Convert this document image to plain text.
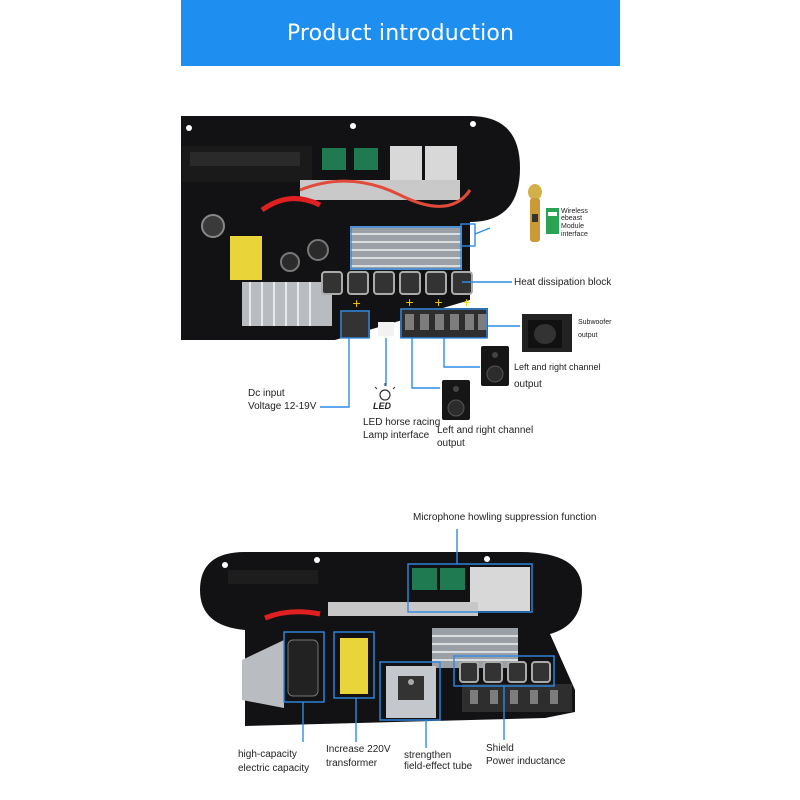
Product introduction
+	+ + +
Wireless
ebeast
Module
interface
Heat dissipation block
Subwoofer
output
Left and right channel
output
Left and right channel
output
Dc input
Voltage 12-19V	LED
LED horse racing
Lamp interface
Microphone howling suppression function
high-capacity
electric capacity
Increase 220V
transformer
strengthen
field-effect tube
Shield
Power inductance
